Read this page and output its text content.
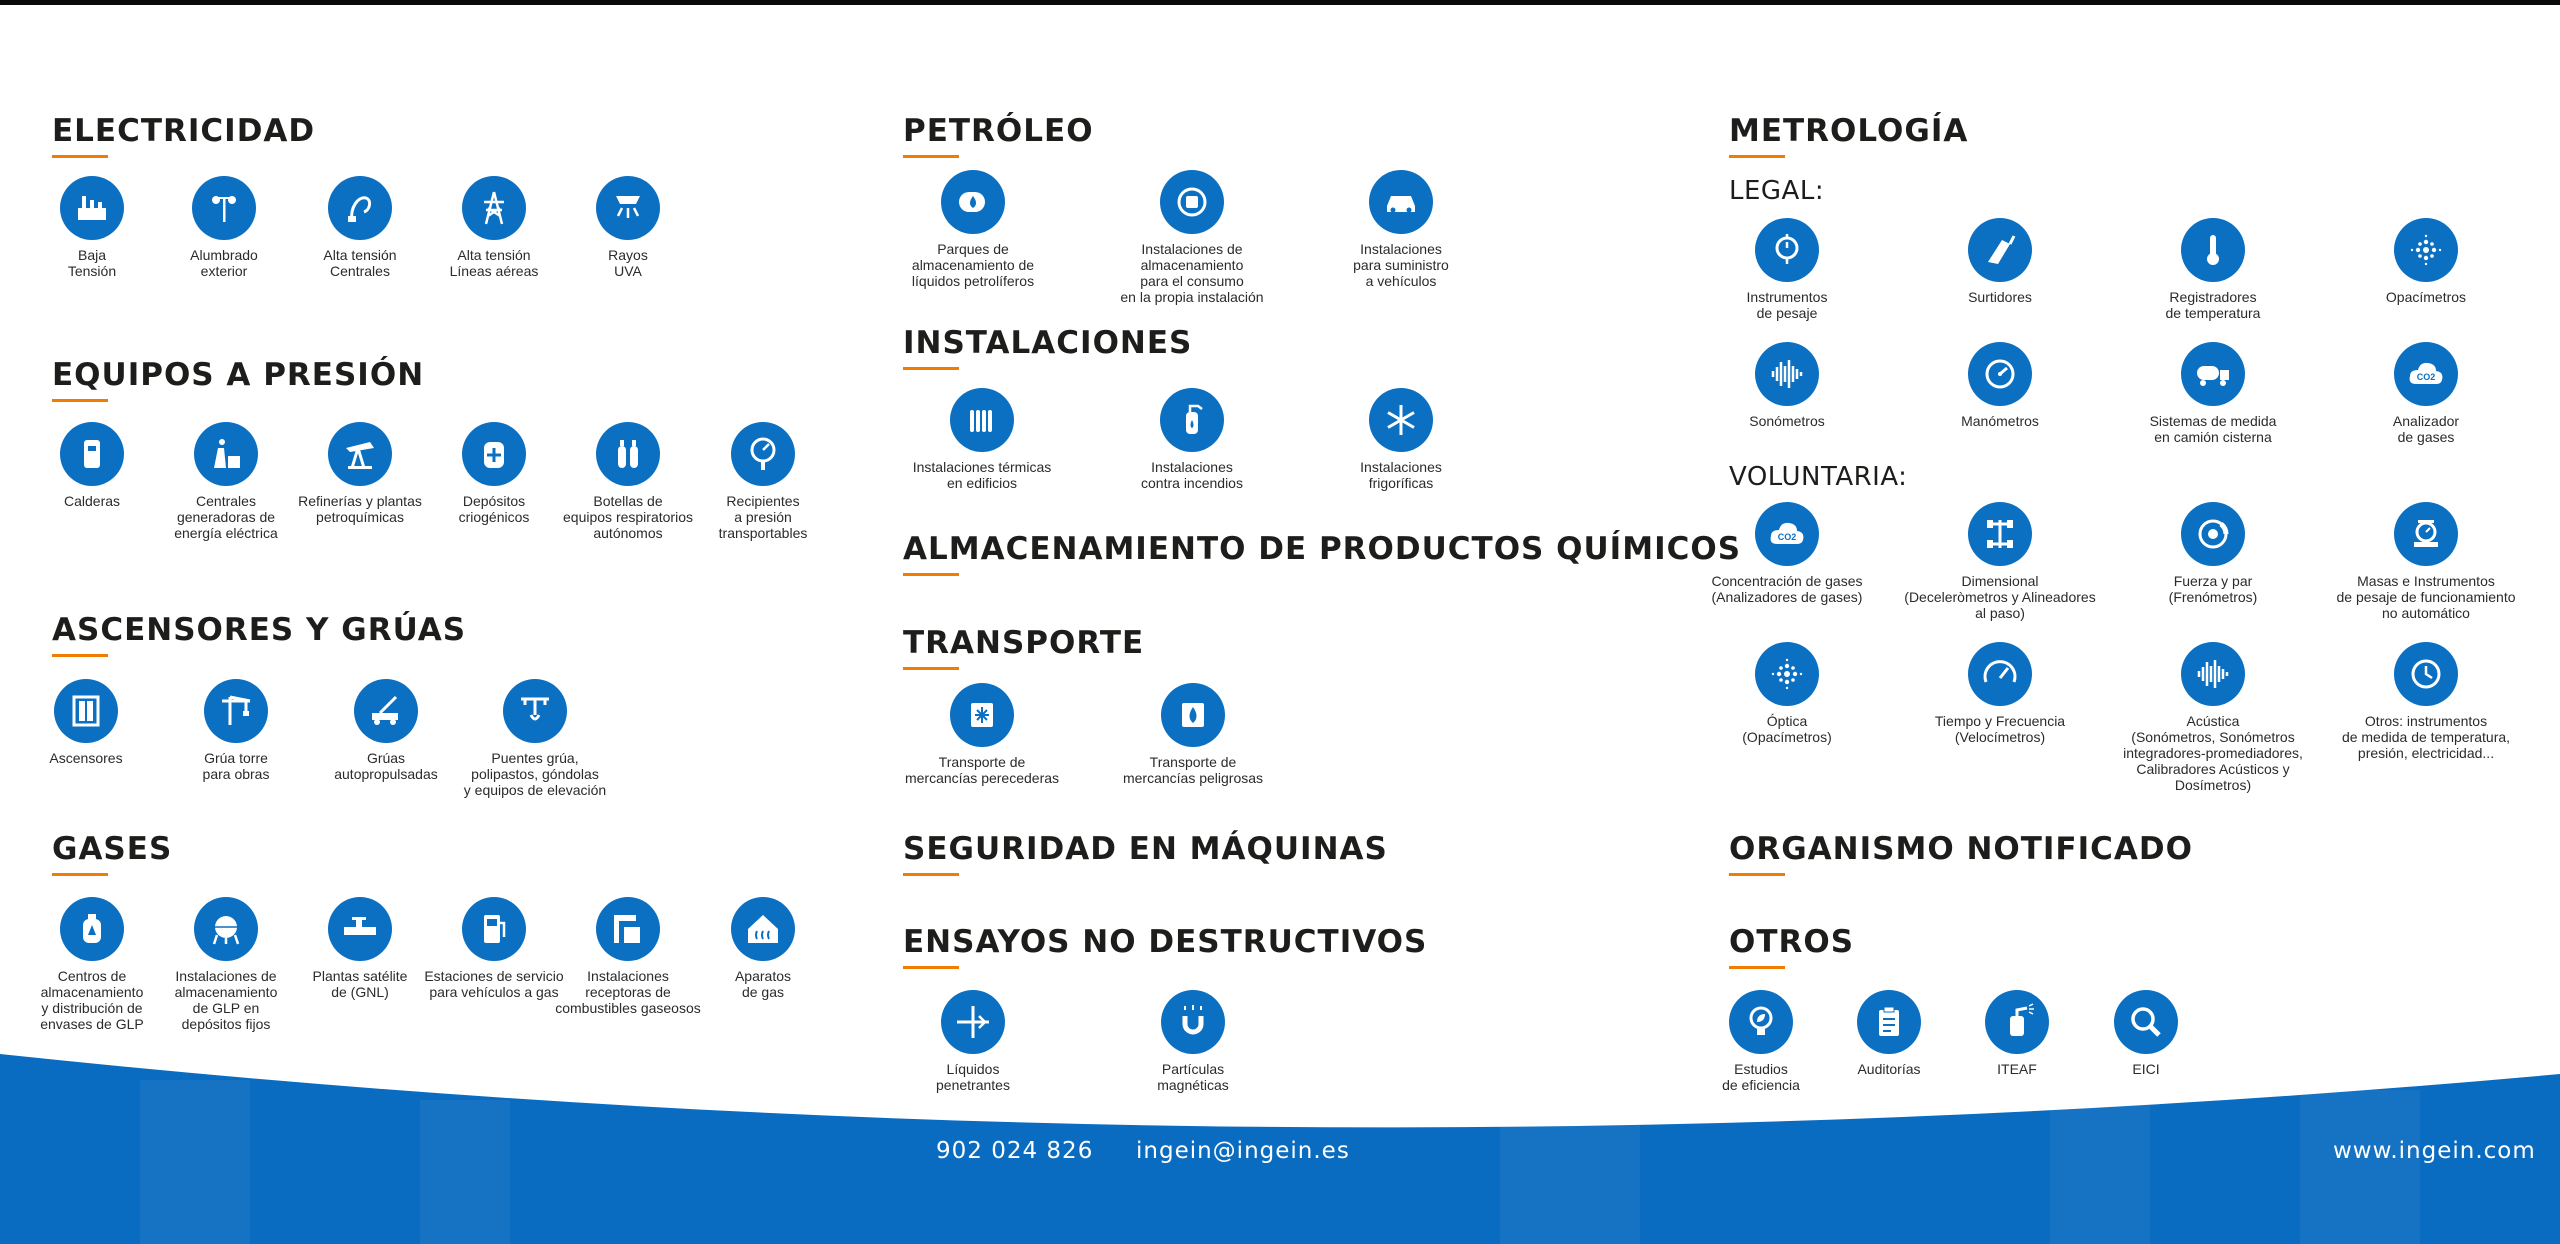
ELECTRICIDAD
Baja
Tensión
Alumbrado
exterior
Alta tensión
Centrales
Alta tensión
Líneas aéreas
Rayos
UVA
EQUIPOS A PRESIÓN
Calderas	Centrales
generadoras de
energía eléctrica
Refinerías y plantas
petroquímicas
Depósitos
criogénicos
Botellas de
equipos respiratorios
autónomos
Recipientes
a presión
transportables
ASCENSORES Y GRÚAS
Ascensores	Grúa torre
para obras
Grúas
autopropulsadas
Puentes grúa,
polipastos, góndolas
y equipos de elevación
GASES
Centros de
almacenamiento
y distribución de
envases de GLP
Instalaciones de
almacenamiento
de GLP en
depósitos fijos
Plantas satélite
de (GNL)
Estaciones de servicio
para vehículos a gas
Instalaciones
receptoras de
combustibles gaseosos
Aparatos
de gas
PETRÓLEO
Parques de
almacenamiento de
líquidos petrolíferos
Instalaciones de almacenamiento
para el consumo
en la propia instalación
Instalaciones
para suministro
a vehículos
INSTALACIONES
Instalaciones térmicas
en edificios
Instalaciones
contra incendios
Instalaciones
frigoríficas
ALMACENAMIENTO DE PRODUCTOS QUÍMICOS
TRANSPORTE
Transporte de
mercancías perecederas
Transporte de
mercancías peligrosas
SEGURIDAD EN MÁQUINAS
ENSAYOS NO DESTRUCTIVOS
Líquidos
penetrantes
Partículas
magnéticas
METROLOGÍA
LEGAL:
Instrumentos
de pesaje
Surtidores	Registradores
de temperatura
Opacímetros
Sonómetros	Manómetros	Sistemas de medida
en camión cisterna
CO2
Analizador
de gases
VOLUNTARIA:
CO2
Concentración de gases
(Analizadores de gases)
Dimensional
(Deceleròmetros y Alineadores
al paso)
Fuerza y par
(Frenómetros)
Masas e Instrumentos
de pesaje de funcionamiento
no automático
Óptica
(Opacímetros)
Tiempo y Frecuencia
(Velocímetros)
Acústica
(Sonómetros, Sonómetros
integradores-promediadores,
Calibradores Acústicos y Dosímetros)
Otros: instrumentos
de medida de temperatura,
presión, electricidad...
ORGANISMO NOTIFICADO
OTROS
Estudios
de eficiencia
Auditorías	ITEAF	EICI
902 024 826 ingein@ingein.es	www.ingein.com
